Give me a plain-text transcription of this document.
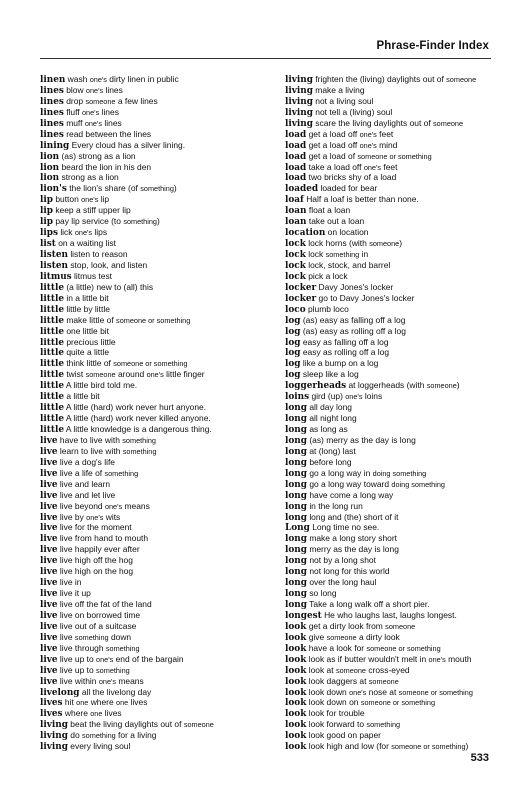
Phrase-Finder Index
linen wash one's dirty linen in public
lines blow one's lines
lines drop someone a few lines
lines fluff one's lines
lines muff one's lines
lines read between the lines
lining Every cloud has a silver lining.
lion (as) strong as a lion
lion beard the lion in his den
lion strong as a lion
lion's the lion's share (of something)
lip button one's lip
lip keep a stiff upper lip
lip pay lip service (to something)
lips lick one's lips
list on a waiting list
listen listen to reason
listen stop, look, and listen
litmus litmus test
little (a little) new to (all) this
little in a little bit
little little by little
little make little of someone or something
little one little bit
little precious little
little quite a little
little think little of someone or something
little twist someone around one's little finger
little A little bird told me.
little a little bit
little A little (hard) work never hurt anyone.
little A little (hard) work never killed anyone.
little A little knowledge is a dangerous thing.
live have to live with something
live learn to live with something
live live a dog's life
live live a life of something
live live and learn
live live and let live
live live beyond one's means
live live by one's wits
live live for the moment
live live from hand to mouth
live live happily ever after
live live high off the hog
live live high on the hog
live live in
live live it up
live live off the fat of the land
live live on borrowed time
live live out of a suitcase
live live something down
live live through something
live live up to one's end of the bargain
live live up to something
live live within one's means
livelong all the livelong day
lives hit one where one lives
lives where one lives
living beat the living daylights out of someone
living do something for a living
living every living soul
living frighten the (living) daylights out of someone
living make a living
living not a living soul
living not tell a (living) soul
living scare the living daylights out of someone
load get a load off one's feet
load get a load off one's mind
load get a load of someone or something
load take a load off one's feet
load two bricks shy of a load
loaded loaded for bear
loaf Half a loaf is better than none.
loan float a loan
loan take out a loan
location on location
lock lock horns (with someone)
lock lock something in
lock lock, stock, and barrel
lock pick a lock
locker Davy Jones's locker
locker go to Davy Jones's locker
loco plumb loco
log (as) easy as falling off a log
log (as) easy as rolling off a log
log easy as falling off a log
log easy as rolling off a log
log like a bump on a log
log sleep like a log
loggerheads at loggerheads (with someone)
loins gird (up) one's loins
long all day long
long all night long
long as long as
long (as) merry as the day is long
long at (long) last
long before long
long go a long way in doing something
long go a long way toward doing something
long have come a long way
long in the long run
long long and (the) short of it
Long Long time no see.
long make a long story short
long merry as the day is long
long not by a long shot
long not long for this world
long over the long haul
long so long
long Take a long walk off a short pier.
longest He who laughs last, laughs longest.
look get a dirty look from someone
look give someone a dirty look
look have a look for someone or something
look look as if butter wouldn't melt in one's mouth
look look at someone cross-eyed
look look daggers at someone
look look down one's nose at someone or something
look look down on someone or something
look look for trouble
look look forward to something
look look good on paper
look look high and low (for someone or something)
533
